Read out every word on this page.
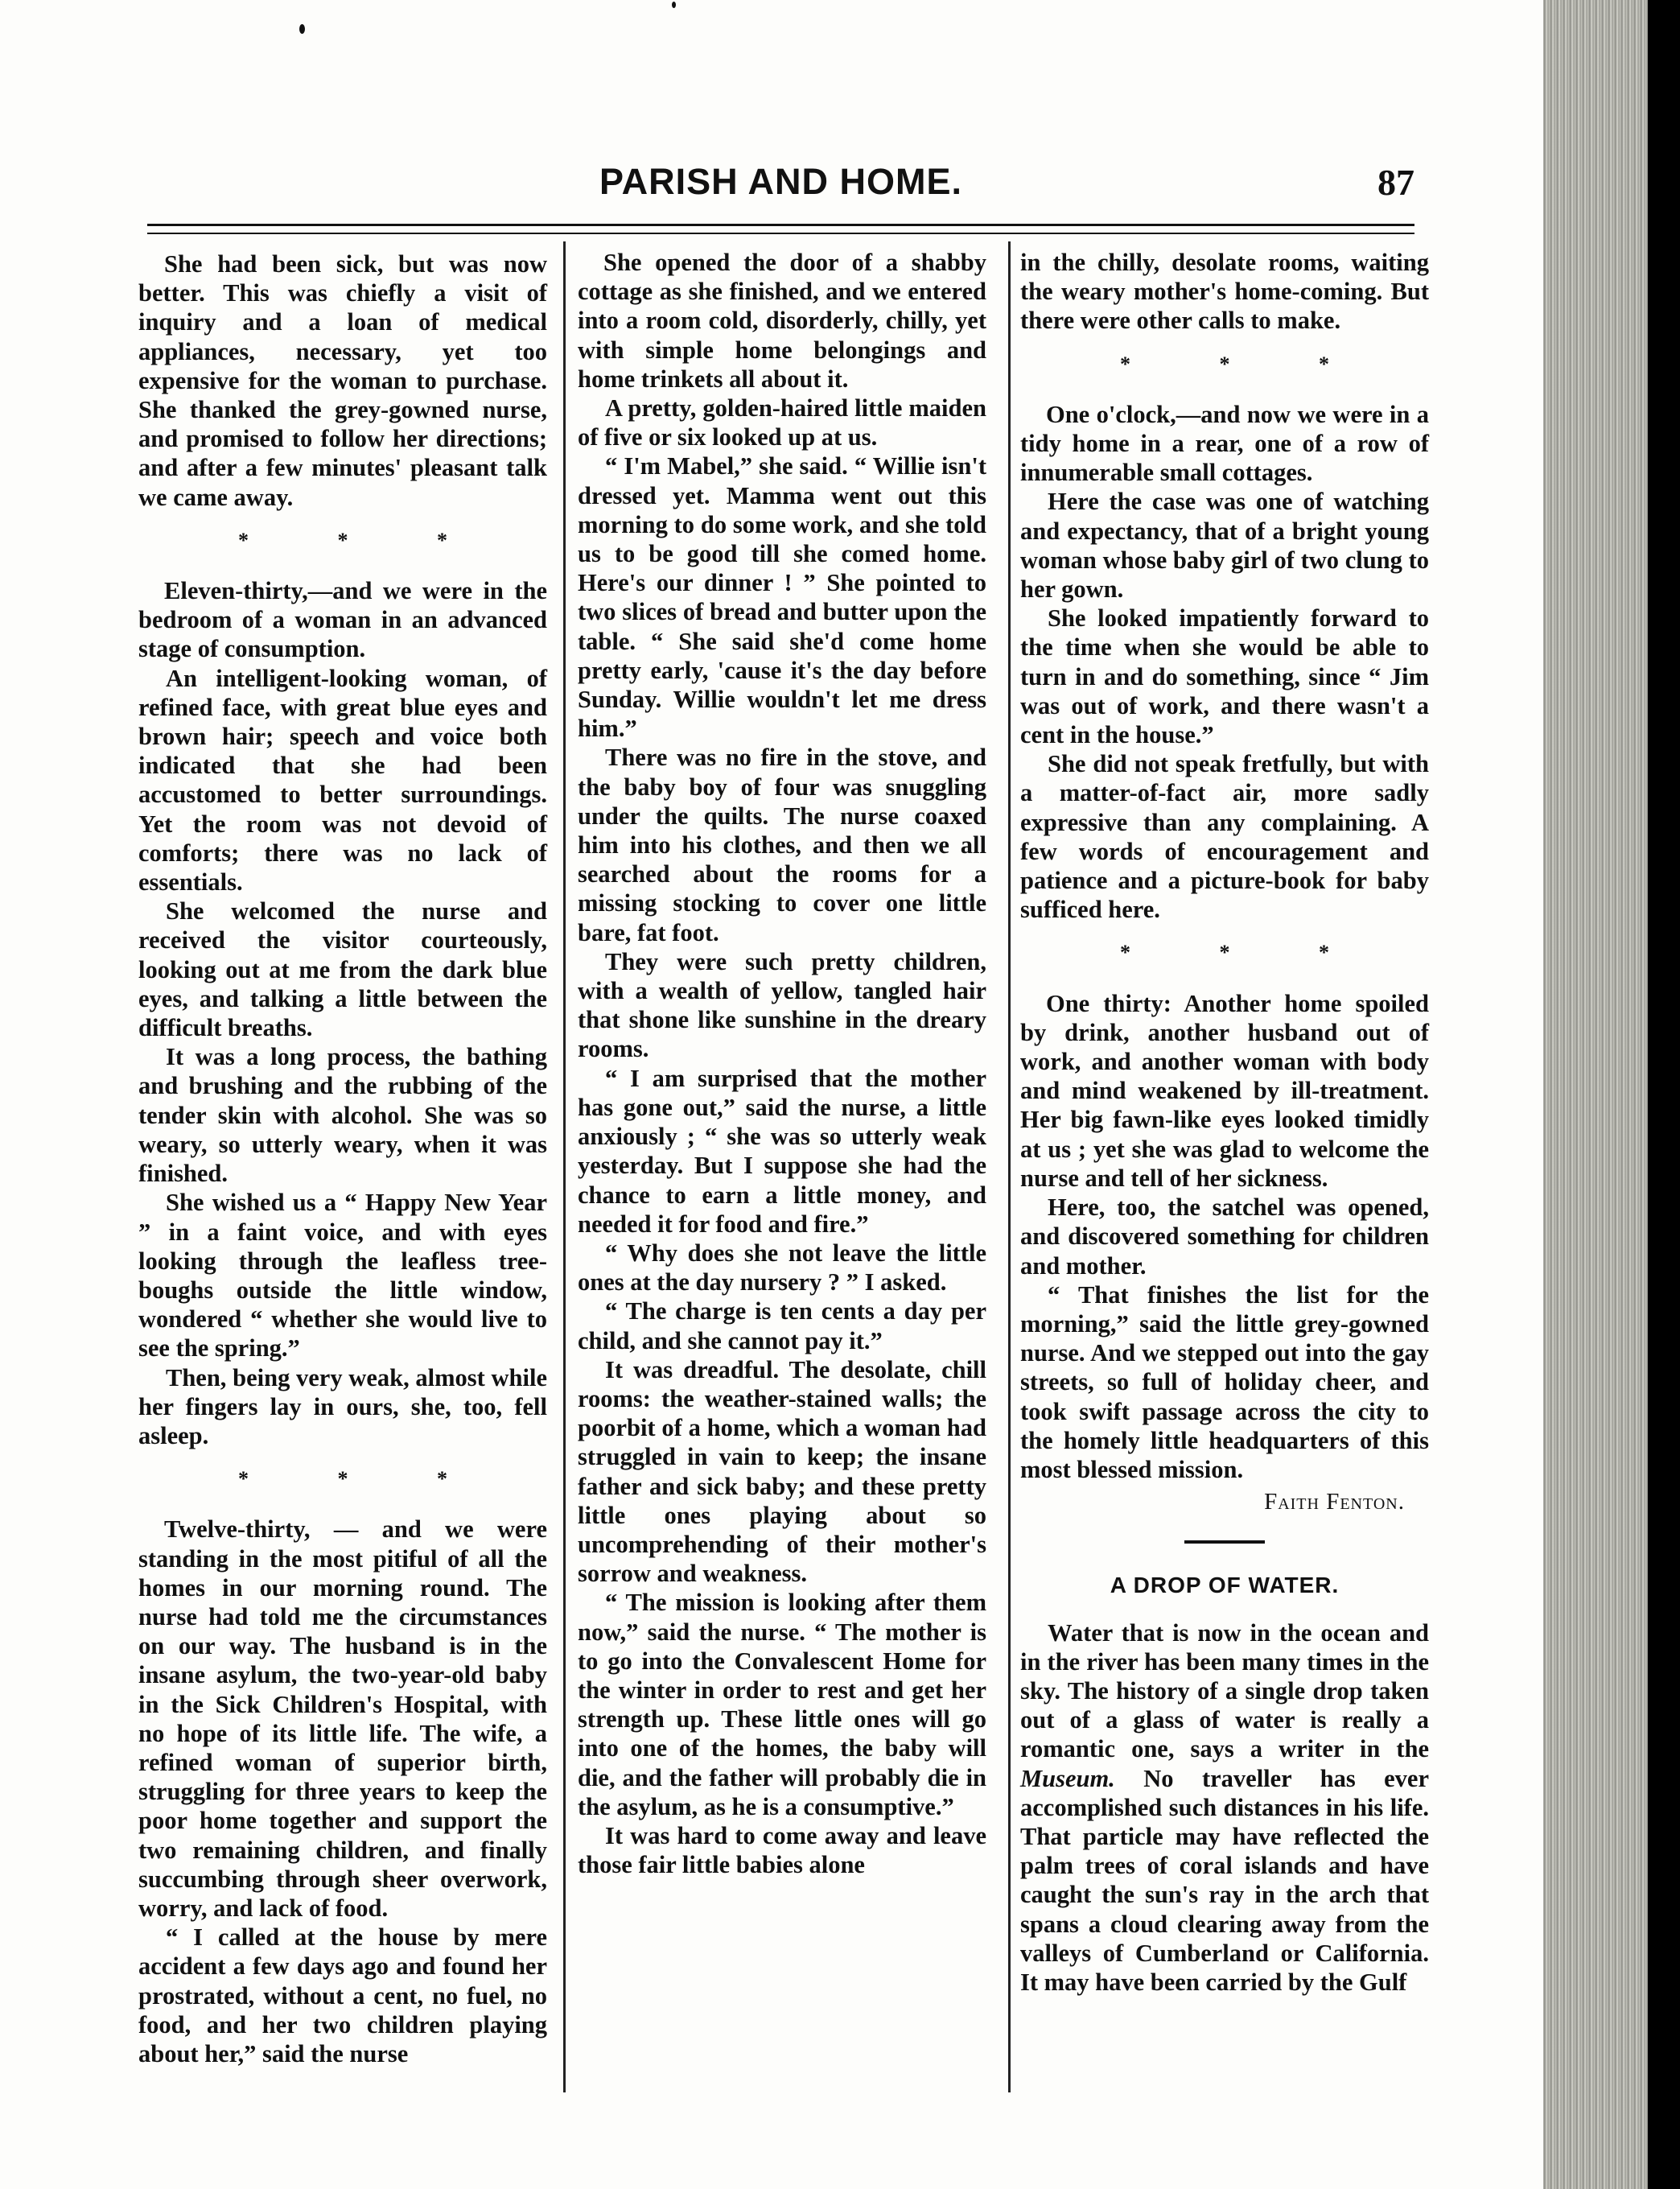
PARISH AND HOME.	87

She had been sick, but was now better. This was chiefly a visit of inquiry and a loan of medical appliances, necessary, yet too expensive for the woman to purchase. She thanked the grey-gowned nurse, and promised to follow her directions; and after a few minutes' pleasant talk we came away.

* * *

Eleven-thirty,—and we were in the bedroom of a woman in an advanced stage of consumption.

An intelligent-looking woman, of refined face, with great blue eyes and brown hair; speech and voice both indicated that she had been accustomed to better surroundings. Yet the room was not devoid of comforts; there was no lack of essentials.

She welcomed the nurse and received the visitor courteously, looking out at me from the dark blue eyes, and talking a little between the difficult breaths.

It was a long process, the bathing and brushing and the rubbing of the tender skin with alcohol. She was so weary, so utterly weary, when it was finished.

She wished us a “ Happy New Year ” in a faint voice, and with eyes looking through the leafless tree-boughs outside the little window, wondered “ whether she would live to see the spring.”

Then, being very weak, almost while her fingers lay in ours, she, too, fell asleep.

* * *

Twelve-thirty, — and we were standing in the most pitiful of all the homes in our morning round. The nurse had told me the circumstances on our way. The husband is in the insane asylum, the two-year-old baby in the Sick Children's Hospital, with no hope of its little life. The wife, a refined woman of superior birth, struggling for three years to keep the poor home together and support the two remaining children, and finally succumbing through sheer overwork, worry, and lack of food.

“ I called at the house by mere accident a few days ago and found her prostrated, without a cent, no fuel, no food, and her two children playing about her,” said the nurse

She opened the door of a shabby cottage as she finished, and we entered into a room cold, disorderly, chilly, yet with simple home belongings and home trinkets all about it.

A pretty, golden-haired little maiden of five or six looked up at us.

“ I'm Mabel,” she said. “ Willie isn't dressed yet. Mamma went out this morning to do some work, and she told us to be good till she comed home. Here's our dinner ! ” She pointed to two slices of bread and butter upon the table. “ She said she'd come home pretty early, 'cause it's the day before Sunday. Willie wouldn't let me dress him.”

There was no fire in the stove, and the baby boy of four was snuggling under the quilts. The nurse coaxed him into his clothes, and then we all searched about the rooms for a missing stocking to cover one little bare, fat foot.

They were such pretty children, with a wealth of yellow, tangled hair that shone like sunshine in the dreary rooms.

“ I am surprised that the mother has gone out,” said the nurse, a little anxiously ; “ she was so utterly weak yesterday. But I suppose she had the chance to earn a little money, and needed it for food and fire.”

“ Why does she not leave the little ones at the day nursery ? ” I asked.

“ The charge is ten cents a day per child, and she cannot pay it.”

It was dreadful. The desolate, chill rooms: the weather-stained walls; the poorbit of a home, which a woman had struggled in vain to keep; the insane father and sick baby; and these pretty little ones playing about so uncomprehending of their mother's sorrow and weakness.

“ The mission is looking after them now,” said the nurse. “ The mother is to go into the Convalescent Home for the winter in order to rest and get her strength up. These little ones will go into one of the homes, the baby will die, and the father will probably die in the asylum, as he is a consumptive.”

It was hard to come away and leave those fair little babies alone

in the chilly, desolate rooms, waiting the weary mother's home-coming. But there were other calls to make.

* * *

One o'clock,—and now we were in a tidy home in a rear, one of a row of innumerable small cottages.

Here the case was one of watching and expectancy, that of a bright young woman whose baby girl of two clung to her gown.

She looked impatiently forward to the time when she would be able to turn in and do something, since “ Jim was out of work, and there wasn't a cent in the house.”

She did not speak fretfully, but with a matter-of-fact air, more sadly expressive than any complaining. A few words of encouragement and patience and a picture-book for baby sufficed here.

* * *

One thirty: Another home spoiled by drink, another husband out of work, and another woman with body and mind weakened by ill-treatment. Her big fawn-like eyes looked timidly at us ; yet she was glad to welcome the nurse and tell of her sickness.

Here, too, the satchel was opened, and discovered something for children and mother.

“ That finishes the list for the morning,” said the little grey-gowned nurse. And we stepped out into the gay streets, so full of holiday cheer, and took swift passage across the city to the homely little headquarters of this most blessed mission.

Faith Fenton.
A DROP OF WATER.

Water that is now in the ocean and in the river has been many times in the sky. The history of a single drop taken out of a glass of water is really a romantic one, says a writer in the Museum. No traveller has ever accomplished such distances in his life. That particle may have reflected the palm trees of coral islands and have caught the sun's ray in the arch that spans a cloud clearing away from the valleys of Cumberland or California. It may have been carried by the Gulf
